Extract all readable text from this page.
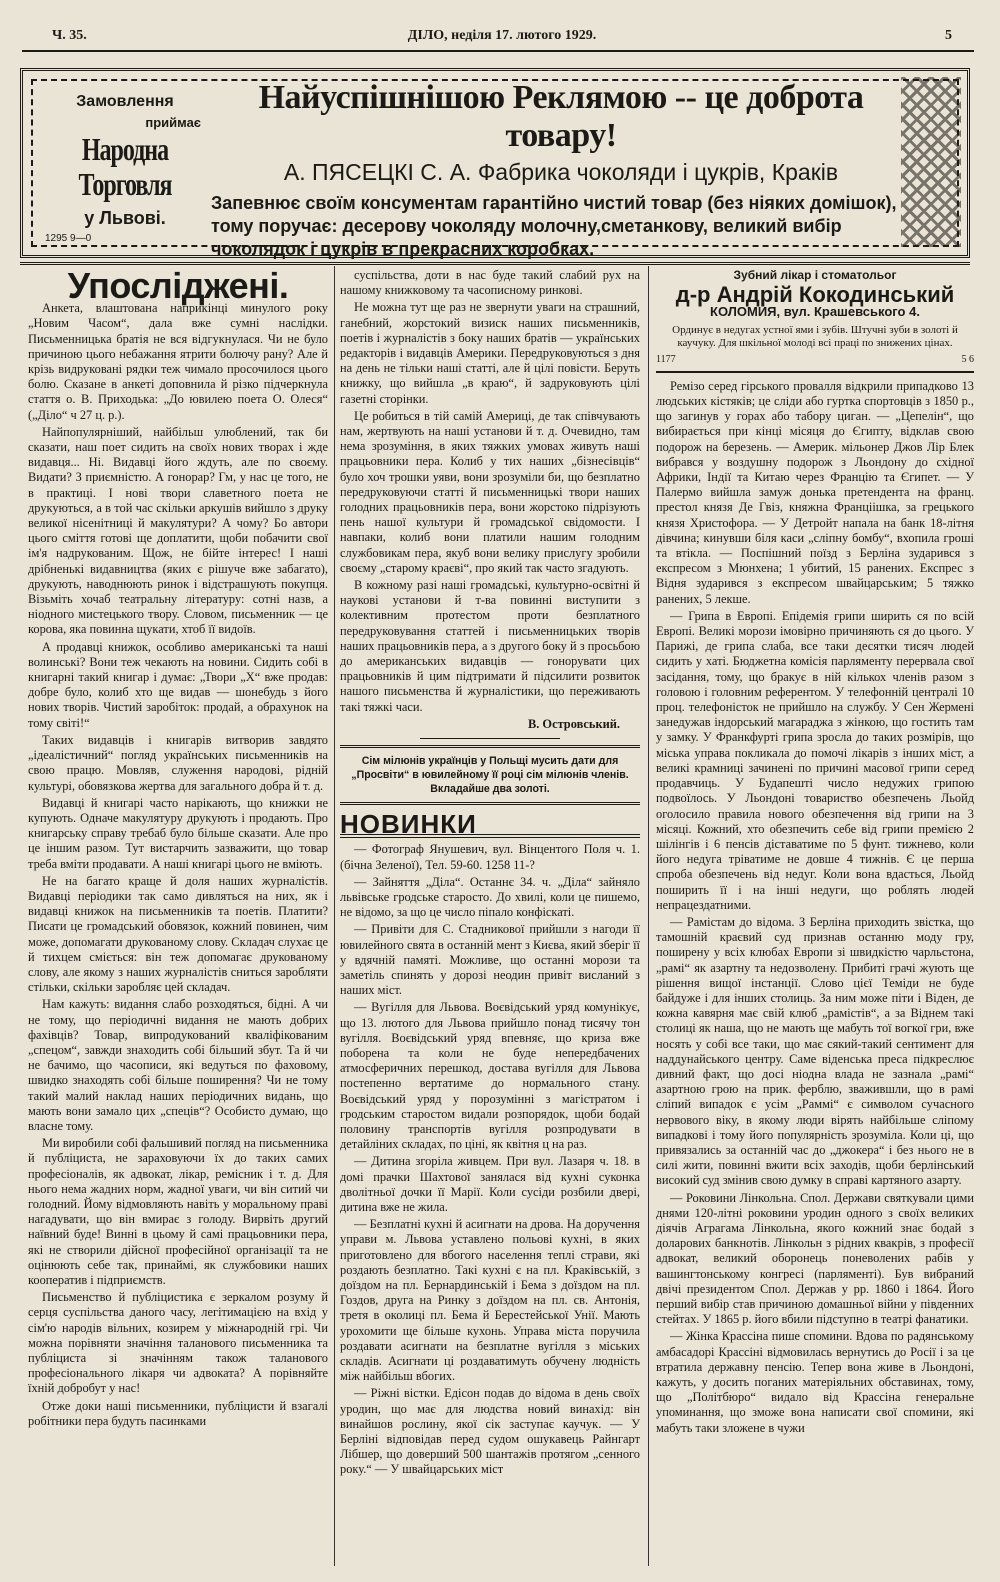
Ч. 35.	ДІЛО, неділя 17. лютого 1929.	5
Замовлення
приймає
Народна Торговля
у Львові.
1295 9—0
Найуспішнішою Реклямою -- це доброта товару!
А. ПЯСЕЦКІ С. А. Фабрика чоколяди і цукрів, Краків
Запевнює своїм консументам гарантійно чистий товар (без ніяких домішок), тому поручає: десерову чоколяду молочну,сметанкову, великий вибір чоколядок і цукрів в прекрасних коробках.
Упосліджені.

Анкета, влаштована наприкінці минулого року „Новим Часом“, дала вже сумні наслідки. Письменницька братія не вся відгукнулася. Чи не було причиною цього небажання ятрити болючу рану? Але й крізь видруковані рядки теж чимало просочилося цього болю. Сказане в анкеті доповнила й різко підчеркнула стаття о. В. Приходька: „До ювилею поета О. Олеся“ („Діло“ ч 27 ц. р.).

Найпопулярніший, найбільш улюблений, так би сказати, наш поет сидить на своїх нових творах і жде видавця... Ні. Видавці його ждуть, але по своєму. Видати? З приємністю. А гонорар? Гм, у нас це того, не в практиці. І нові твори славетного поета не друкуються, а в той час скільки аркушів вийшло з друку великої нісенітниці й макулятури? А чому? Бо автори цього сміття готові ще доплатити, щоби побачити свої ім'я надрукованим. Щож, не бійте інтерес! І наші дрібненькі видавництва (яких є рішуче вже забагато), друкують, наводнюють ринок і відстрашують покупця. Візьміть хочаб театральну літературу: сотні назв, а ніодного мистецького твору. Словом, письменник — це корова, яка повинна щукати, хтоб її видоїв.

А продавці книжок, особливо американські та наші волинські? Вони теж чекають на новини. Сидить собі в книгарні такий книгар і думає: „Твори „Х“ вже продав: добре було, колиб хто ще видав — шонебудь з його нових творів. Чистий заробіток: продай, а обрахунок на тому світі!“

Таких видавців і книгарів витворив завдято „ідеалістичний“ погляд українських письменників на свою працю. Мовляв, служення народові, рідній культурі, обовязкова жертва для загального добра й т. д.

Видавці й книгарі часто нарікають, що книжки не купують. Одначе макулятуру друкують і продають. Про книгарську справу требаб було більше сказати. Але про це іншим разом. Тут вистарчить зазважити, що товар треба вміти продавати. А наші книгарі цього не вміють.

Не на багато краще й доля наших журналістів. Видавці періодики так само дивляться на них, як і видавці книжок на письменників та поетів. Платити? Писати це громадський обовязок, кожний повинен, чим може, допомагати друкованому слову. Складач слухає це й тихцем сміється: він теж допомагає друкованому слову, але якому з наших журналістів сниться заробляти стільки, скільки заробляє цей складач.

Нам кажуть: видання слабо розходяться, бідні. А чи не тому, що періодичні видання не мають добрих фахівців? Товар, випродукований кваліфікованим „спецом“, завжди знаходить собі більший збут. Та й чи не бачимо, що часописи, які ведуться по фаховому, швидко знаходять собі більше поширення? Чи не тому такий малий наклад наших періодичних видань, що мають вони замало цих „спеців“? Особисто думаю, що власне тому.

Ми виробили собі фальшивий погляд на письменника й публіциста, не зараховуючи їх до таких самих професіоналів, як адвокат, лікар, ремісник і т. д. Для нього нема жадних норм, жадної уваги, чи він ситий чи голодний. Йому відмовляють навіть у моральному праві нагадувати, що він вмирає з голоду. Вирвіть другий наївний буде! Винні в цьому й самі працьовники пера, які не створили дійсної професійної організації та не оцінюють себе так, принаймі, як службовики наших кооператив і підприємств.

Письменство й публіцистика є зеркалом розуму й серця суспільства даного часу, легітимацією на вхід у сім'ю народів вільних, козирем у міжнародній грі. Чи можна порівняти значіння таланового письменника та публіциста зі значінням також таланового професіонального лікаря чи адвоката? А порівняйте їхній добробут у нас!

Отже доки наші письменники, публіцисти й взагалі робітники пера будуть пасинками

суспільства, доти в нас буде такий слабий рух на нашому книжковому та часописному ринкові.

Не можна тут ще раз не звернути уваги на страшний, ганебний, жорстокий визиск наших письменників, поетів і журналістів з боку наших братів — українських редакторів і видавців Америки. Передруковуються з дня на день не тільки наші статті, але й цілі повісти. Беруть книжку, що вийшла „в краю“, й задруковують цілі газетні сторінки.

Це робиться в тій самій Америці, де так співчувають нам, жертвують на наші установи й т. д. Очевидно, там нема зрозуміння, в яких тяжких умовах живуть наші працьовники пера. Колиб у тих наших „бізнесівців“ було хоч трошки уяви, вони зрозуміли би, що безплатно передруковуючи статті й письменницькі твори наших голодних працьовників пера, вони жорстоко підрізують пень нашої культури й громадської свідомости. І навпаки, колиб вони платили нашим голодним службовикам пера, якуб вони велику прислугу зробили своєму „старому краєві“, про який так часто згадують.

В кожному разі наші громадські, культурно-освітні й наукові установи й т-ва повинні виступити з колективним протестом проти безплатного передруковування статтей і письменницьких творів наших працьовників пера, а з другого боку й з просьбою до американських видавців — гонорувати цих працьовників й цим підтримати й підсилити розвиток нашого письменства й журналістики, що переживають такі тяжкі часи.

В. Островський.
Сім мілюнів українців у Польщі мусить дати для „Просвіти“ в ювилейному її році сім мілюнів членів. Вкладайше два золоті.
НОВИНКИ

— Фотограф Янушевич, вул. Вінцентого Поля ч. 1. (бічна Зеленої), Тел. 59-60. 1258 11-?

— Зайняття „Діла“. Останнє 34. ч. „Діла“ зайняло львівське гродське старосто. До хвилі, коли це пишемо, не відомо, за що це число піпало конфіскаті.

— Привіти для С. Стадникової прийшли з нагоди її ювилейного свята в останній мент з Києва, який зберіг її у вдячній памяті. Можливе, що останні морози та заметіль спинять у дорозі неодин привіт висланий з наших міст.

— Вугілля для Львова. Воєвідський уряд комунікує, що 13. лютого для Львова прийшло понад тисячу тон вугілля. Воєвідський уряд впевняє, що криза вже поборена та коли не буде непередбачених атмосферичних перешкод, достава вугілля для Львова постепенно вертатиме до нормального стану. Воєвідський уряд у порозумінні з магістратом і гродським старостом видали розпорядок, щоби бодай половину транспортів вугілля розпродувати в детайліних складах, по ціні, як квітня ц на раз.

— Дитина згоріла живцем. При вул. Лазаря ч. 18. в домі прачки Шахтової занялася від кухні суконка дволітньої дочки її Марії. Коли сусіди розбили двері, дитина вже не жила.

— Безплатні кухні й асигнати на дрова. На доручення управи м. Львова уставлено польові кухні, в яких приготовлено для вбогого населення теплі страви, які роздають безплатно. Такі кухні є на пл. Краківській, з доїздом на пл. Бернардинській і Бема з доїздом на пл. Гоздов, друга на Ринку з доїздом на пл. св. Антонія, третя в околиці пл. Бема й Берестейської Унії. Мають урохомити ще більше кухонь. Управа міста поручила роздавати асигнати на безплатне вугілля з міських складів. Асигнати ці роздаватимуть обучену людність між найбільш вбогих.

— Ріжні вістки. Едісон подав до відома в день своїх уродин, що має для людства новий винахід: він винайшов рослину, якої сік заступає каучук. — У Берліні відповідав перед судом ошукавець Райнгарт Лібшер, що доверший 500 шантажів протягом „сенного року.“ — У швайцарських міст

Зубний лікар і стоматольог
д-р Андрій Кокодинський
КОЛОМИЯ, вул. Крашевського 4.
Ординує в недугах устної ями і зубів. Штучні зуби в золоті й каучуку. Для шкільної молоді всі праці по знижених цінах.
1177	5 6

Ремізо серед гірського провалля відкрили припадково 13 людських кістяків; це сліди або гуртка спортовців з 1850 р., що загинув у горах або табору циган. — „Цепелін“, що вибирається при кінці місяця до Єгипту, відклав свою подорож на березень. — Америк. мільонер Джов Лір Блек вибрався у воздушну подорож з Льондону до східної Африки, Індії та Китаю через Францію та Єгипет. — У Палермо вийшла замуж донька претендента на франц. престол князя Де Гвіз, княжна Франціішка, за грецького князя Христофора. — У Детройт напала на банк 18-літня дівчина; кинувши біля каси „сліпну бомбу“, вхопила гроші та втікла. — Поспішний поїзд з Берліна зударився з експресом з Мюнхена; 1 убитий, 15 ранених. Експрес з Відня зударився з експресом швайцарським; 5 тяжко ранених, 5 лекше.

— Грипа в Европі. Епідемія грипи ширить ся по всій Европі. Великі морози імовірно причиняють ся до цього. У Парижі, де грипа слаба, все таки десятки тисяч людей сидить у хаті. Бюджетна комісія парляменту перервала свої засідання, тому, що бракує в ній кількох членів разом з головою і головним референтом. У телефонній централі 10 проц. телефоністок не прийшло на службу. У Сен Жермені занедужав індорський магараджа з жінкою, що гостить там у замку. У Франкфурті грипа зросла до таких розмірів, що міська управа покликала до помочі лікарів з інших міст, а великі крамниці зачинені по причині масової грипи серед продавчиць. У Будапешті число недужих грипою подвоїлось. У Льондоні товариство обезпечень Льойд оголосило правила нового обезпечення від грипи на 3 місяці. Кожний, хто обезпечить себе від грипи премією 2 шілінгів і 6 пенсів діставатиме по 5 фунт. тижнево, коли його недуга тріватиме не довше 4 тижнів. Є це перша спроба обезпечень від недуг. Коли вона вдасться, Льойд поширить її і на інші недуги, що роблять людей непрацездатними.

— Рамістам до відома. З Берліна приходить звістка, що тамошній краєвий суд признав останню моду гру, поширену у всіх клюбах Европи зі швидкістю чарльстона, „рамі“ як азартну та недозволену. Прибиті грачі жують ще рішення вищої інстанції. Слово цієї Теміди не буде байдуже і для інших столиць. За ним може піти і Віден, де кожна кавярня має свій клюб „рамістів“, а за Віднем такі столиці як наша, що не мають ще мабуть тої вогкої гри, вже носять у собі все таки, що має сякий-такий сентимент для наддунайського центру. Саме віденська преса підкреслює дивний факт, що досі ніодна влада не зазнала „рамі“ азартною грою на прик. ферблю, зважившли, що в рамі сліпий випадок є усім „Раммі“ є символом сучасного нервового віку, в якому люди вірять найбільше сліпому випадкові і тому його популярність зрозуміла. Коли ці, що привязались за останній час до „джокера“ і без нього не в силі жити, повинні вжити всіх заходів, щоби берлінський високий суд змінив свою думку в справі картяного азарту.

— Роковини Лінкольна. Спол. Держави святкували цими днями 120-літні роковини уродин одного з своїх великих діячів Аграгама Лінкольна, якого кожний знає бодай з доларових банкнотів. Лінкольн з рідних квакрів, з професії адвокат, великий оборонець поневолених рабів у вашингтонському конгресі (парляменті). Був вибраний двічі президентом Спол. Держав у рр. 1860 і 1864. Його перший вибір став причиною домашньої війни у південних стейтах. У 1865 р. його вбили підступно в театрі фанатики.

— Жінка Крассіна пише спомини. Вдова по радянському амбасадорі Крассіні відмовилась вернутись до Росії і за це втратила державну пенсію. Тепер вона живе в Льондоні, кажуть, у досить поганих матеріяльних обставинах, тому, що „Політбюро“ видало від Крассіна генеральне упоминання, що зможе вона написати свої спомини, які мабуть таки зложене в чужи
